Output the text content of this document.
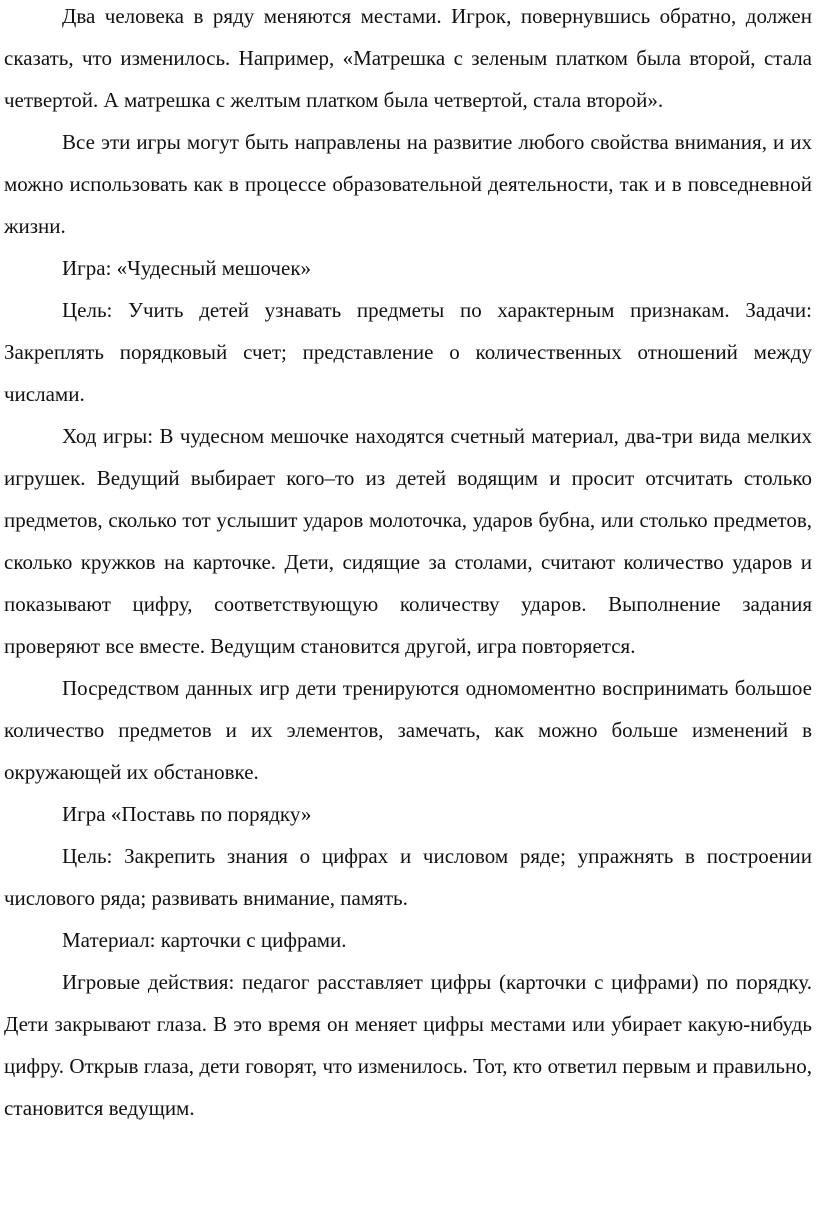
Два человека в ряду меняются местами. Игрок, повернувшись обратно, должен сказать, что изменилось. Например, «Матрешка с зеленым платком была второй, стала четвертой. А матрешка с желтым платком была четвертой, стала второй».

Все эти игры могут быть направлены на развитие любого свойства внимания, и их можно использовать как в процессе образовательной деятельности, так и в повседневной жизни.

Игра: «Чудесный мешочек»

Цель: Учить детей узнавать предметы по характерным признакам. Задачи: Закреплять порядковый счет; представление о количественных отношений между числами.

Ход игры: В чудесном мешочке находятся счетный материал, два-три вида мелких игрушек. Ведущий выбирает кого–то из детей водящим и просит отсчитать столько предметов, сколько тот услышит ударов молоточка, ударов бубна, или столько предметов, сколько кружков на карточке. Дети, сидящие за столами, считают количество ударов и показывают цифру, соответствующую количеству ударов. Выполнение задания проверяют все вместе. Ведущим становится другой, игра повторяется.

Посредством данных игр дети тренируются одномоментно воспринимать большое количество предметов и их элементов, замечать, как можно больше изменений в окружающей их обстановке.

Игра «Поставь по порядку»

Цель: Закрепить знания о цифрах и числовом ряде; упражнять в построении числового ряда; развивать внимание, память.

Материал: карточки с цифрами.

Игровые действия: педагог расставляет цифры (карточки с цифрами) по порядку. Дети закрывают глаза. В это время он меняет цифры местами или убирает какую-нибудь цифру. Открыв глаза, дети говорят, что изменилось. Тот, кто ответил первым и правильно, становится ведущим.
